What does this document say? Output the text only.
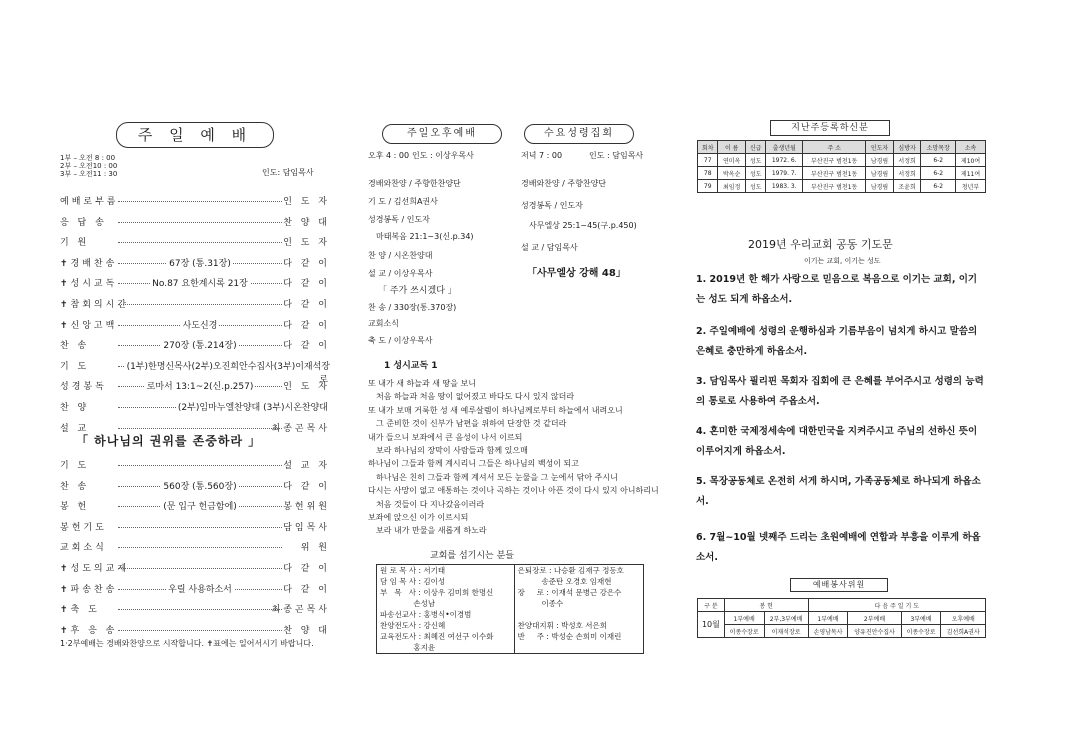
주 일 예 배
1부 – 오전 8 : 00
2부 – 오전10 : 00
3부 – 오전11 : 30	인도: 담임목사
예배로부름	인 도 자
응 답 송	찬 양 대
기 원	인 도 자
✝경배찬송	67장 (통.31장)	다 같 이
✝성시교독	No.87 요한계시록 21장	다 같 이
✝참회의시간	다 같 이
✝신앙고백	사도신경	다 같 이
찬 송	270장 (통.214장)	다 같 이
기 도	(1부)한명신목사(2부)오진희안수집사(3부)이재석장로
성경봉독	로마서 13:1~2(신.p.257)	인 도 자
찬 양	(2부)임마누엘찬양대 (3부)시온찬양대
설 교	최종곤목사
「 하나님의 권위를 존중하라 」
기 도	설 교 자
찬 송	560장 (통.560장)	다 같 이
봉 헌	(문 입구 헌금함에)	봉헌위원
봉헌기도	담임목사
교회소식	위 원
✝성도의교제	다 같 이
✝파송찬송	우릴 사용하소서	다 같 이
✝축 도	최종곤목사
✝후 응 송	찬 양 대
1·2부예배는 경배와찬양으로 시작합니다. ✝표에는 일어서시기 바랍니다.
주일오후예배	수요성령집회
오후 4 : 00 인도 : 이상우목사	저녁 7 : 00	인도 : 담임목사
경배와찬양 / 주향한찬양단
기 도 / 김선희A권사
성경봉독 / 인도자
마태복음 21:1~3(신.p.34)
찬 양 / 시온찬양대
설 교 / 이상우목사
「 주가 쓰시겠다 」
찬 송 / 330장(통.370장)
교회소식
축 도 / 이상우목사
경배와찬양 / 주향찬양단
성경봉독 / 인도자
사무엘상 25:1~45(구.p.450)
설 교 / 담임목사
「사무엘상 강해 48」
1 성시교독 1
또 내가 새 하늘과 새 땅을 보니
처음 하늘과 처음 땅이 없어졌고 바다도 다시 있지 않더라
또 내가 보매 거룩한 성 새 예루살렘이 하나님께로부터 하늘에서 내려오니
그 준비한 것이 신부가 남편을 위하여 단장한 것 같더라
내가 들으니 보좌에서 큰 음성이 나서 이르되
보라 하나님의 장막이 사람들과 함께 있으매
하나님이 그들과 함께 계시리니 그들은 하나님의 백성이 되고
하나님은 친히 그들과 함께 계셔서 모든 눈물을 그 눈에서 닦아 주시니
다시는 사망이 없고 애통하는 것이나 곡하는 것이나 아픈 것이 다시 있지 아니하리니
처음 것들이 다 지나갔음이러라
보좌에 앉으신 이가 이르시되
보라 내가 만물을 새롭게 하노라
교회를 섬기시는 분들
원 로 목 사 : 서기태
담 임 목 사 : 김이성
부   목   사 : 이상우 김미희 한명신
손성남
파송선교사 : 홍병식•이경범
찬양전도사 : 강신혜
교육전도사 : 최혜진 여선구 이수화
홍지윤

은퇴장로 : 나승환 김재구 정동호
송준탄 오경호 임재현
장     로 : 이재석 문병근 강은수
이종수
찬양대지휘 : 박성호 서은희
반     주 : 박성순 손희미 이재린
지난주등록하신분
회차	이 름	신급	출생년월	주 소	인도자	심방자	소망목장	소속
77	연미옥	성도	1972. 6.	부산진구 범천1동	남경림	서정희	6-2	제10여
78	박옥순	성도	1979. 7.	부산진구 범천1동	남경림	서정희	6-2	제11여
79	최임정	성도	1983. 3.	부산진구 범천1동	남경림	조윤희	6-2	청년부
2019년 우리교회 공동 기도문
이기는 교회, 이기는 성도
1. 2019년 한 해가 사랑으로 믿음으로 복음으로 이기는 교회, 이기는 성도 되게 하옵소서.
2. 주일예배에 성령의 운행하심과 기름부음이 넘치게 하시고 말씀의 은혜로 충만하게 하옵소서.
3. 담임목사 필리핀 목회자 집회에 큰 은혜를 부어주시고 성령의 능력의 통로로 사용하여 주옵소서.
4. 혼미한 국제정세속에 대한민국을 지켜주시고 주님의 선하신 뜻이 이루어지게 하옵소서.
5. 목장공동체로 온전히 서게 하시며, 가족공동체로 하나되게 하옵소서.
6. 7월~10월 넷째주 드리는 초원예배에 연합과 부흥을 이루게 하옵소서.
예배봉사위원
구 분	봉 헌		다 음 주 일 기 도			
10월	1부예배	2부,3부예배	1부예배	2부예배	3부예배	오후예배
	이종수장로	이재석장로	손영남목사	양유진안수집사	이종수장로	김선희A권사
